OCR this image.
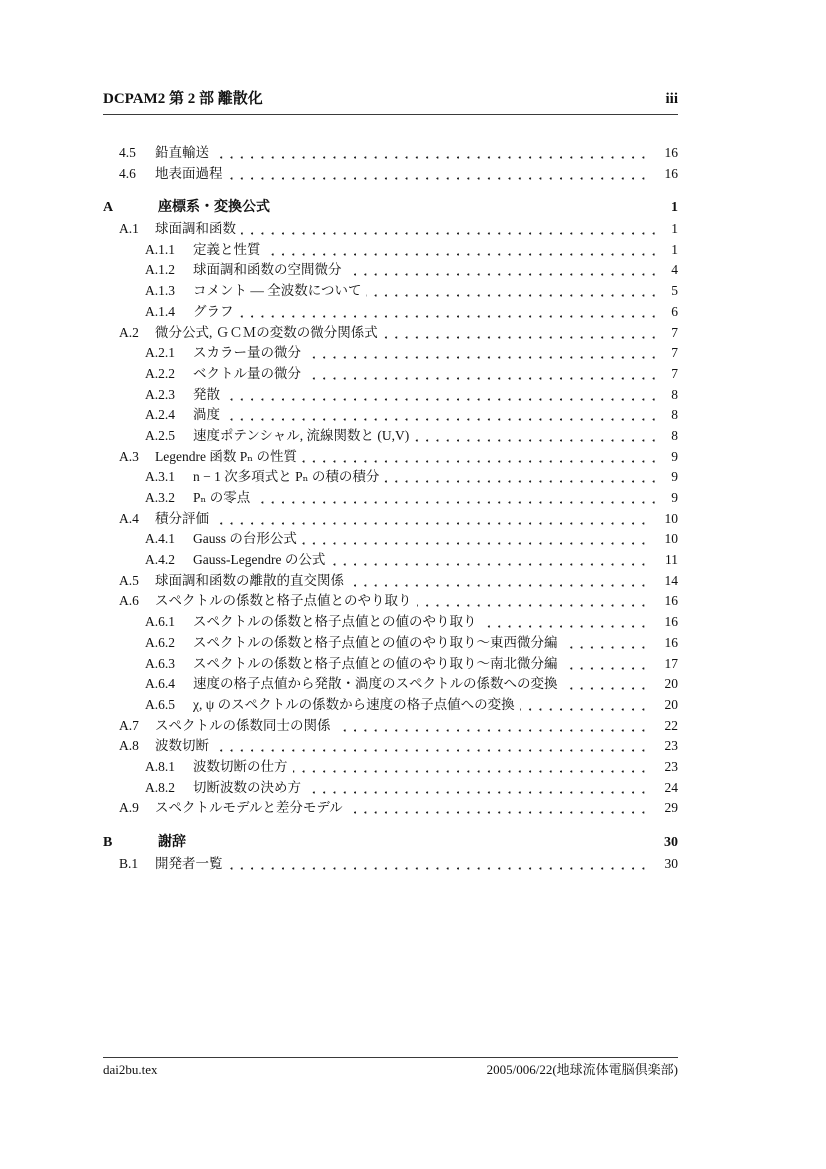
DCPAM2 第 2 部 離散化	iii
4.5	鉛直輸送	16
4.6	地表面過程	16
A	座標系・変換公式	1
A.1	球面調和函数	1
A.1.1	定義と性質	1
A.1.2	球面調和函数の空間微分	4
A.1.3	コメント — 全波数について	5
A.1.4	グラフ	6
A.2	微分公式, ＧＣＭの変数の微分関係式	7
A.2.1	スカラー量の微分	7
A.2.2	ベクトル量の微分	7
A.2.3	発散	8
A.2.4	渦度	8
A.2.5	速度ポテンシャル, 流線関数と (U,V)	8
A.3	Legendre 函数 Pₙ の性質	9
A.3.1	n − 1 次多項式と Pₙ の積の積分	9
A.3.2	Pₙ の零点	9
A.4	積分評価	10
A.4.1	Gauss の台形公式	10
A.4.2	Gauss-Legendre の公式	11
A.5	球面調和函数の離散的直交関係	14
A.6	スペクトルの係数と格子点値とのやり取り	16
A.6.1	スペクトルの係数と格子点値との値のやり取り	16
A.6.2	スペクトルの係数と格子点値との値のやり取り〜東西微分編	16
A.6.3	スペクトルの係数と格子点値との値のやり取り〜南北微分編	17
A.6.4	速度の格子点値から発散・渦度のスペクトルの係数への変換	20
A.6.5	χ, ψ のスペクトルの係数から速度の格子点値への変換	20
A.7	スペクトルの係数同士の関係	22
A.8	波数切断	23
A.8.1	波数切断の仕方	23
A.8.2	切断波数の決め方	24
A.9	スペクトルモデルと差分モデル	29
B	謝辞	30
B.1	開発者一覧	30
dai2bu.tex	2005/006/22(地球流体電脳倶楽部)
